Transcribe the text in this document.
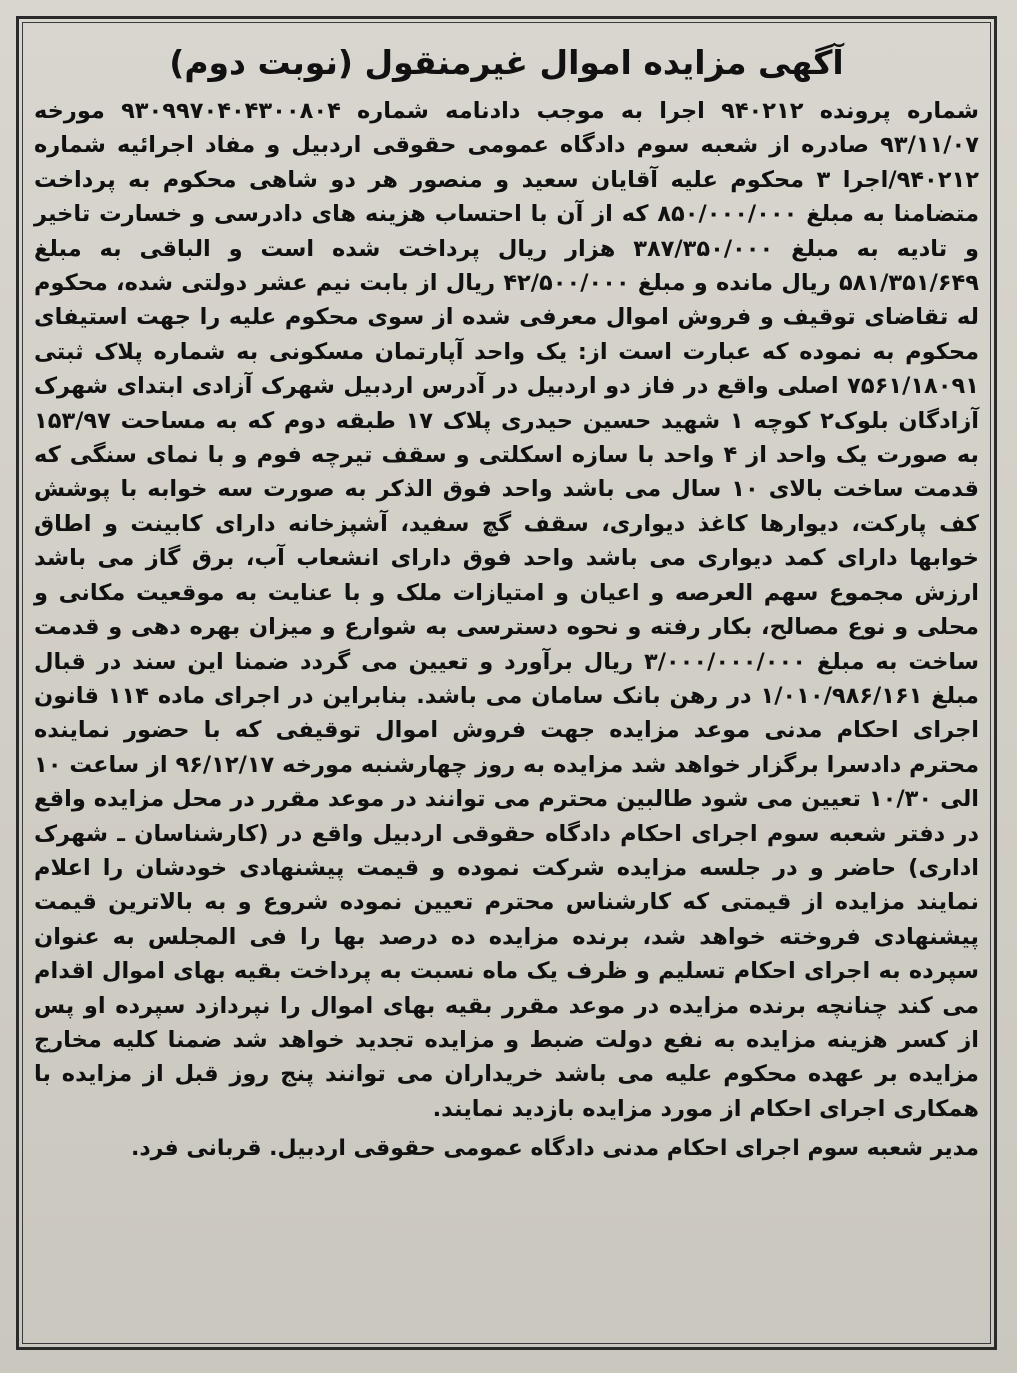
آگهی مزایده اموال غیرمنقول (نوبت دوم)

شماره پرونده ۹۴۰۲۱۲ اجرا به موجب دادنامه شماره ۹۳۰۹۹۷۰۴۰۴۳۰۰۸۰۴ مورخه ۹۳/۱۱/۰۷ صادره از شعبه سوم دادگاه عمومی حقوقی اردبیل و مفاد اجرائیه شماره ۹۴۰۲۱۲/اجرا ۳ محکوم علیه آقایان سعید و منصور هر دو شاهی محکوم به پرداخت متضامنا به مبلغ ۸۵۰/۰۰۰/۰۰۰ که از آن با احتساب هزینه های دادرسی و خسارت تاخیر و تادیه به مبلغ ۳۸۷/۳۵۰/۰۰۰ هزار ریال پرداخت شده است و الباقی به مبلغ ۵۸۱/۳۵۱/۶۴۹ ریال مانده و مبلغ ۴۲/۵۰۰/۰۰۰ ریال از بابت نیم عشر دولتی شده، محکوم له تقاضای توقیف و فروش اموال معرفی شده از سوی محکوم علیه را جهت استیفای محکوم به نموده که عبارت است از: یک واحد آپارتمان مسکونی به شماره پلاک ثبتی ۷۵۶۱/۱۸۰۹۱ اصلی واقع در فاز دو اردبیل در آدرس اردبیل شهرک آزادی ابتدای شهرک آزادگان بلوک۲ کوچه ۱ شهید حسین حیدری پلاک ۱۷ طبقه دوم که به مساحت ۱۵۳/۹۷ به صورت یک واحد از ۴ واحد با سازه اسکلتی و سقف تیرچه فوم و با نمای سنگی که قدمت ساخت بالای ۱۰ سال می باشد واحد فوق الذکر به صورت سه خوابه با پوشش کف پارکت، دیوارها کاغذ دیواری، سقف گچ سفید، آشپزخانه دارای کابینت و اطاق خوابها دارای کمد دیواری می باشد واحد فوق دارای انشعاب آب، برق گاز می باشد ارزش مجموع سهم العرصه و اعیان و امتیازات ملک و با عنایت به موقعیت مکانی و محلی و نوع مصالح، بکار رفته و نحوه دسترسی به شوارع و میزان بهره دهی و قدمت ساخت به مبلغ ۳/۰۰۰/۰۰۰/۰۰۰ ریال برآورد و تعیین می گردد ضمنا این سند در قبال مبلغ ۱/۰۱۰/۹۸۶/۱۶۱ در رهن بانک سامان می باشد. بنابراین در اجرای ماده ۱۱۴ قانون اجرای احکام مدنی موعد مزایده جهت فروش اموال توقیفی که با حضور نماینده محترم دادسرا برگزار خواهد شد مزایده به روز چهارشنبه مورخه ۹۶/۱۲/۱۷ از ساعت ۱۰ الی ۱۰/۳۰ تعیین می شود طالبین محترم می توانند در موعد مقرر در محل مزایده واقع در دفتر شعبه سوم اجرای احکام دادگاه حقوقی اردبیل واقع در (کارشناسان ـ شهرک اداری) حاضر و در جلسه مزایده شرکت نموده و قیمت پیشنهادی خودشان را اعلام نمایند مزایده از قیمتی که کارشناس محترم تعیین نموده شروع و به بالاترین قیمت پیشنهادی فروخته خواهد شد، برنده مزایده ده درصد بها را فی المجلس به عنوان سپرده به اجرای احکام تسلیم و ظرف یک ماه نسبت به پرداخت بقیه بهای اموال اقدام می کند چنانچه برنده مزایده در موعد مقرر بقیه بهای اموال را نپردازد سپرده او پس از کسر هزینه مزایده به نفع دولت ضبط و مزایده تجدید خواهد شد ضمنا کلیه مخارج مزایده بر عهده محکوم علیه می باشد خریداران می توانند پنج روز قبل از مزایده با همکاری اجرای احکام از مورد مزایده بازدید نمایند.

مدیر شعبه سوم اجرای احکام مدنی دادگاه عمومی حقوقی اردبیل. قربانی فرد.
